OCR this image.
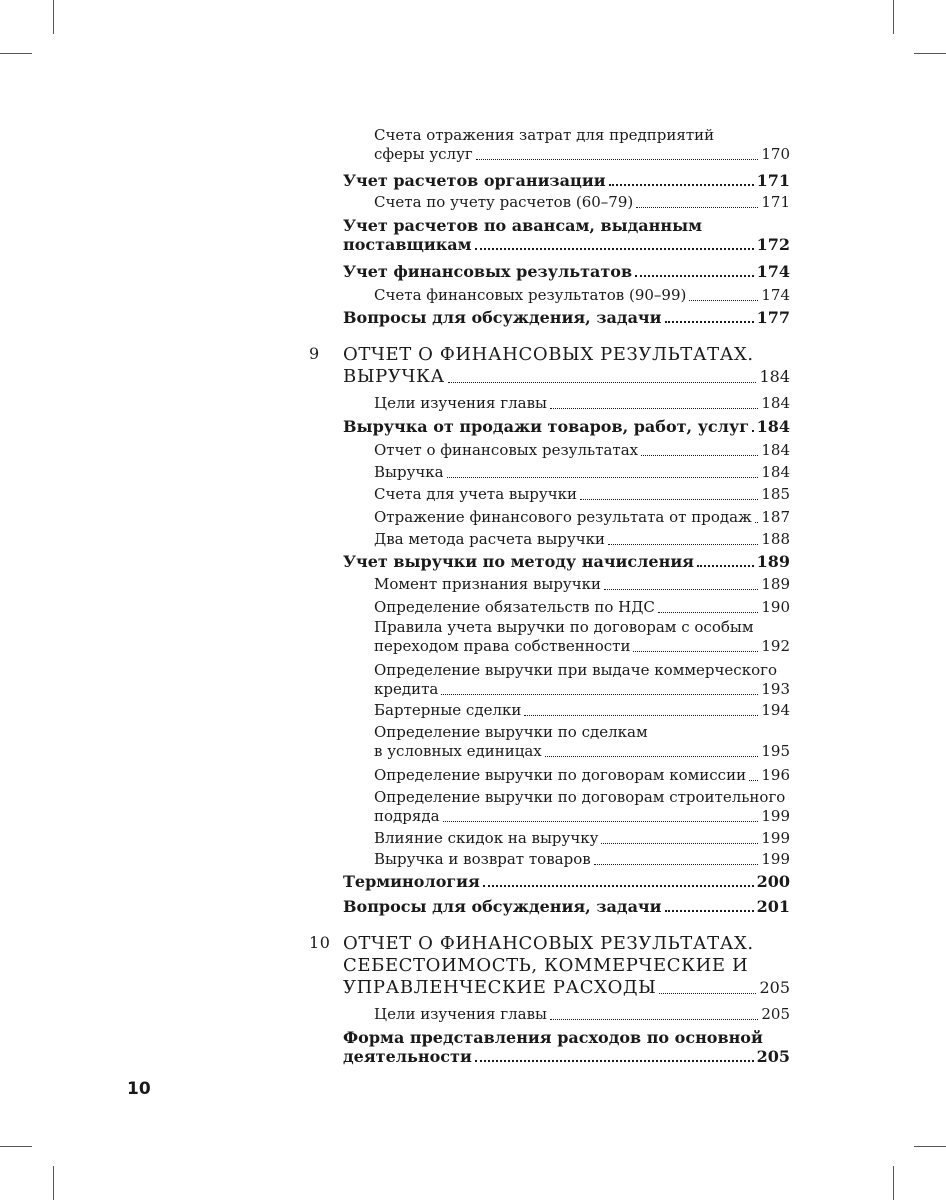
Счета отражения затрат для предприятий
сферы услуг	170
Учет расчетов организации	171
Счета по учету расчетов (60–79)	171
Учет расчетов по авансам, выданным
поставщикам	172
Учет финансовых результатов	174
Счета финансовых результатов (90–99)	174
Вопросы для обсуждения, задачи	177
9 ОТЧЕТ О ФИНАНСОВЫХ РЕЗУЛЬТАТАХ.
ВЫРУЧКА	184
Цели изучения главы	184
Выручка от продажи товаров, работ, услуг 184
Отчет о финансовых результатах	184
Выручка	184
Счета для учета выручки	185
Отражение финансового результата от продаж 187
Два метода расчета выручки	188
Учет выручки по методу начисления	189
Момент признания выручки	189
Определение обязательств по НДС	190
Правила учета выручки по договорам с особым
переходом права собственности	192
Определение выручки при выдаче коммерческого
кредита	193
Бартерные сделки	194
Определение выручки по сделкам
в условных единицах	195
Определение выручки по договорам комиссии 196
Определение выручки по договорам строительного
подряда	199
Влияние скидок на выручку	199
Выручка и возврат товаров	199
Терминология	200
Вопросы для обсуждения, задачи	201
10 ОТЧЕТ О ФИНАНСОВЫХ РЕЗУЛЬТАТАХ.
СЕБЕСТОИМОСТЬ, КОММЕРЧЕСКИЕ И
УПРАВЛЕНЧЕСКИЕ РАСХОДЫ	205
Цели изучения главы	205
Форма представления расходов по основной
деятельности	205
10
